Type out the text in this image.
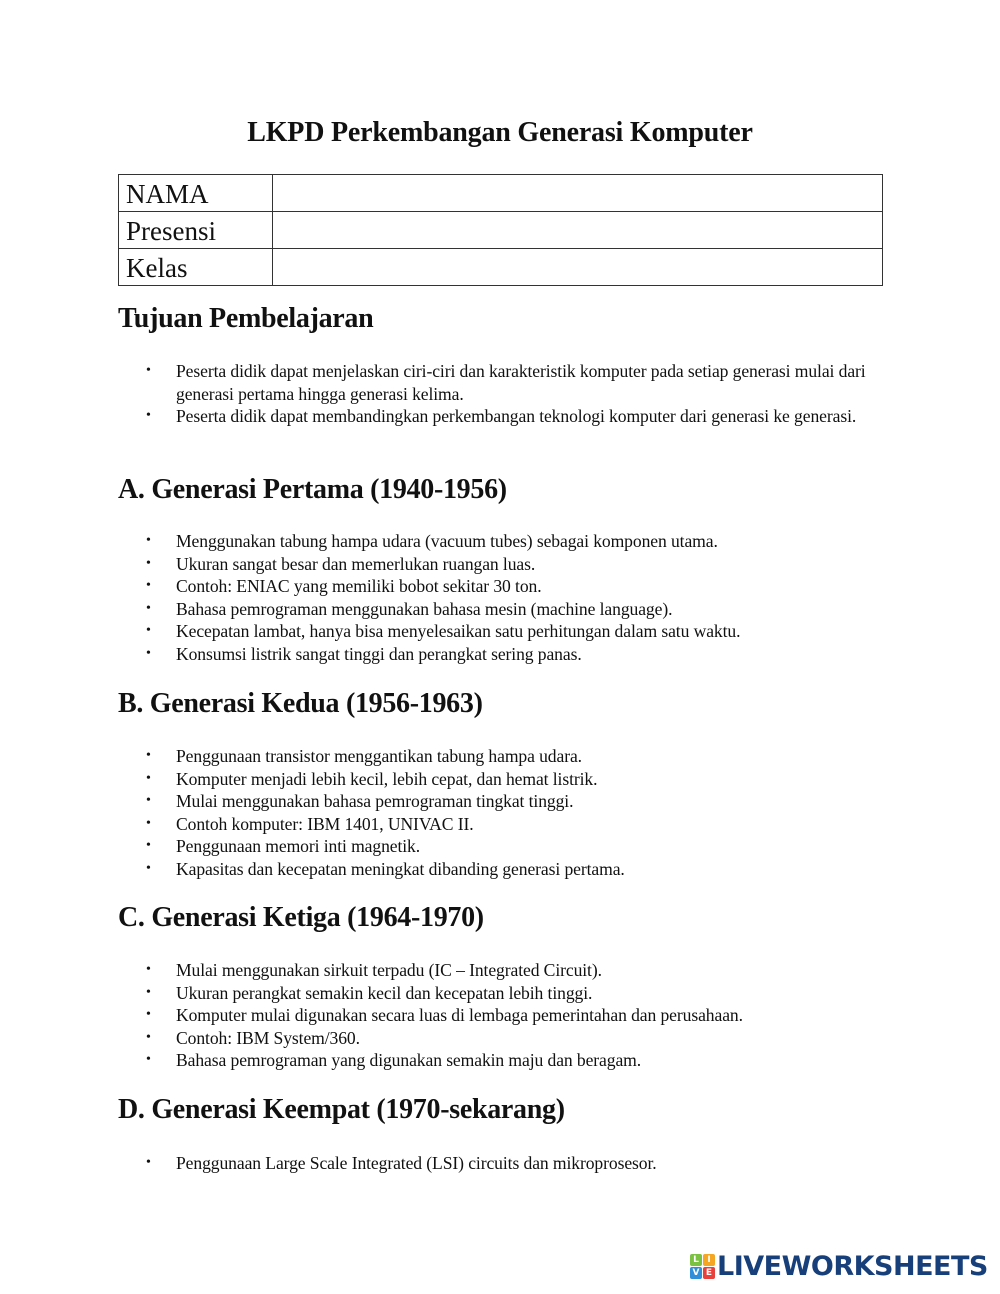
LKPD Perkembangan Generasi Komputer
NAMA	
Presensi	
Kelas	
Tujuan Pembelajaran
• Peserta didik dapat menjelaskan ciri-ciri dan karakteristik komputer pada setiap generasi mulai dari generasi pertama hingga generasi kelima.
• Peserta didik dapat membandingkan perkembangan teknologi komputer dari generasi ke generasi.
A. Generasi Pertama (1940-1956)
• Menggunakan tabung hampa udara (vacuum tubes) sebagai komponen utama.
• Ukuran sangat besar dan memerlukan ruangan luas.
• Contoh: ENIAC yang memiliki bobot sekitar 30 ton.
• Bahasa pemrograman menggunakan bahasa mesin (machine language).
• Kecepatan lambat, hanya bisa menyelesaikan satu perhitungan dalam satu waktu.
• Konsumsi listrik sangat tinggi dan perangkat sering panas.
B. Generasi Kedua (1956-1963)
• Penggunaan transistor menggantikan tabung hampa udara.
• Komputer menjadi lebih kecil, lebih cepat, dan hemat listrik.
• Mulai menggunakan bahasa pemrograman tingkat tinggi.
• Contoh komputer: IBM 1401, UNIVAC II.
• Penggunaan memori inti magnetik.
• Kapasitas dan kecepatan meningkat dibanding generasi pertama.
C. Generasi Ketiga (1964-1970)
• Mulai menggunakan sirkuit terpadu (IC – Integrated Circuit).
• Ukuran perangkat semakin kecil dan kecepatan lebih tinggi.
• Komputer mulai digunakan secara luas di lembaga pemerintahan dan perusahaan.
• Contoh: IBM System/360.
• Bahasa pemrograman yang digunakan semakin maju dan beragam.
D. Generasi Keempat (1970-sekarang)
• Penggunaan Large Scale Integrated (LSI) circuits dan mikroprosesor.
L I
V E LIVEWORKSHEETS
